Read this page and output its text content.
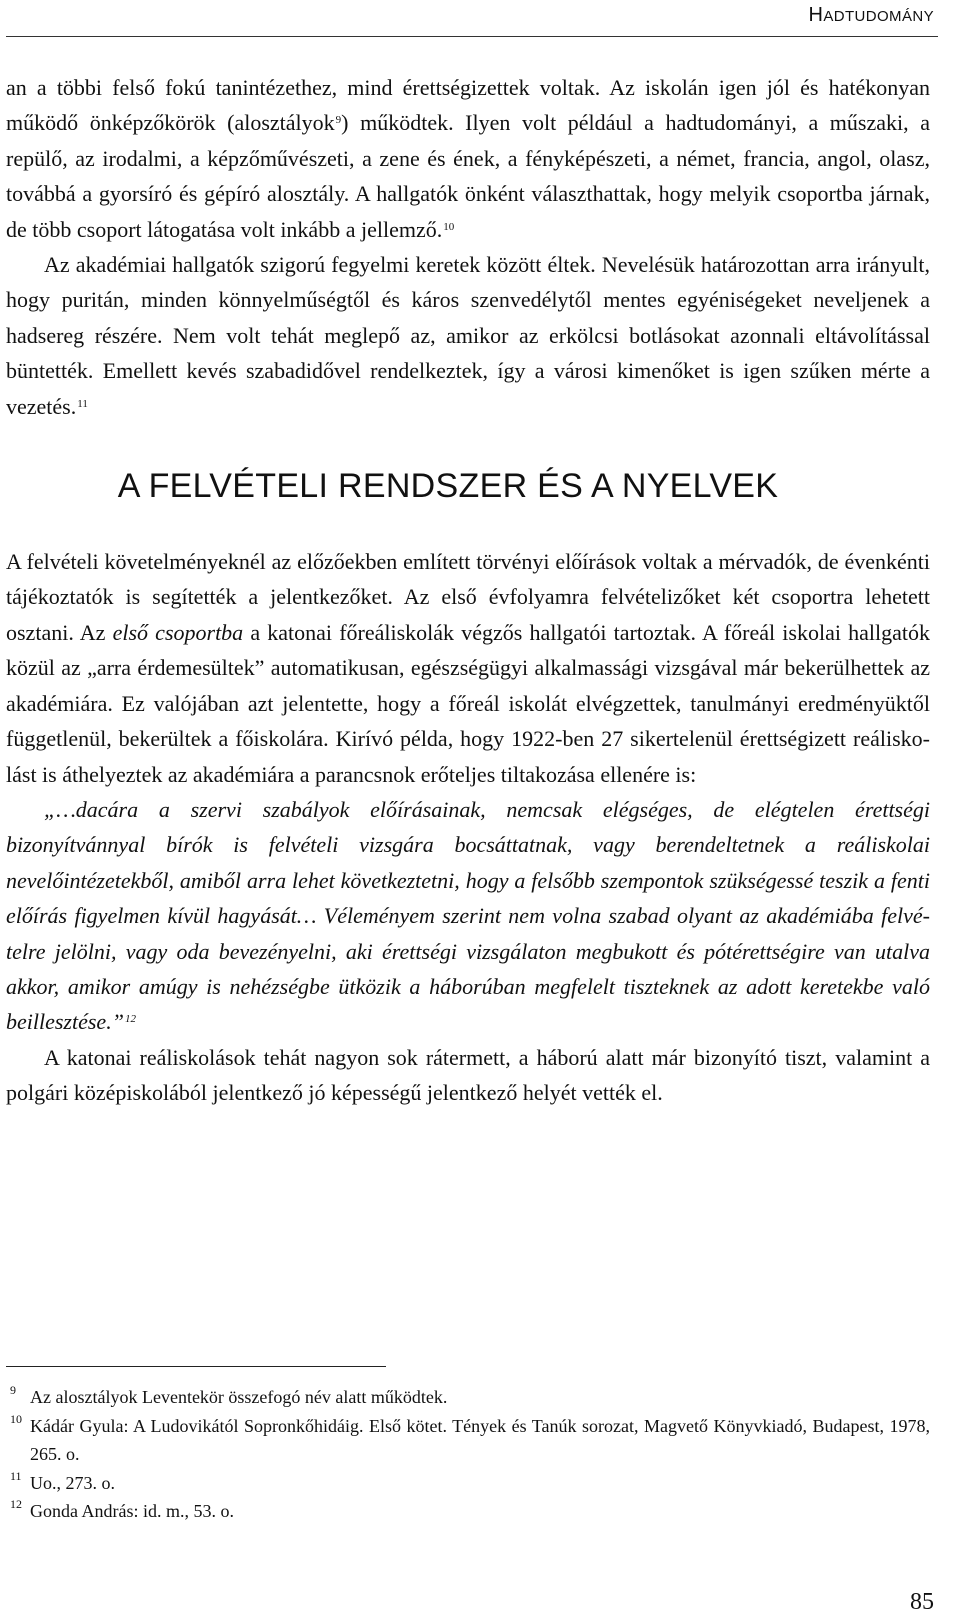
HADTUDOMÁNY

an a többi felső fokú tanintézethez, mind érettségizettek voltak. Az iskolán igen jól és hatékonyan működő önképzőkörök (alosztályok$^9$) működtek. Ilyen volt például a hadtudományi, a műszaki, a repülő, az irodalmi, a képzőművészeti, a zene és ének, a fényképészeti, a német, francia, angol, olasz, továbbá a gyorsíró és gépíró alosztály. A hallgatók önként választhattak, hogy melyik csoportba járnak, de több csoport látogatása volt inkább a jellemző.$^{10}$

Az akadémiai hallgatók szigorú fegyelmi keretek között éltek. Nevelésük határozottan arra irányult, hogy puritán, minden könnyelműségtől és káros szenvedélytől mentes egyéniségeket neveljenek a hadsereg részére. Nem volt tehát meglepő az, amikor az erkölcsi botlásokat azonnali eltávolítással büntették. Emellett kevés szabadidővel rendelkeztek, így a városi kimenőket is igen szűken mérte a vezetés.$^{11}$

A FELVÉTELI RENDSZER ÉS A NYELVEK

A felvételi követelményeknél az előzőekben említett törvényi előírások voltak a mérvadók, de évenkénti tájékoztatók is segítették a jelentkezőket. Az első évfolyamra felvételizőket két csoportra lehetett osztani. Az első csoportba a katonai főreáliskolák végzős hallgatói tartoztak. A főreál iskolai hallgatók közül az „arra érdemesültek” automatikusan, egészségügyi alkalmassági vizsgával már bekerülhettek az akadémiára. Ez valójában azt jelentette, hogy a főreál iskolát elvégzettek, tanulmányi eredményüktől függetlenül, bekerültek a főiskolára. Kirívó példa, hogy 1922-ben 27 sikertelenül érettségizett reáliskolást is áthelyeztek az akadémiára a parancsnok erőteljes tiltakozása ellenére is:

„…dacára a szervi szabályok előírásainak, nemcsak elégséges, de elégtelen érettségi bizonyítvánnyal bírók is felvételi vizsgára bocsáttatnak, vagy berendeltetnek a reáliskolai nevelőintézetekből, amiből arra lehet következtetni, hogy a felsőbb szempontok szükségessé teszik a fenti előírás figyelmen kívül hagyását… Véleményem szerint nem volna szabad olyant az akadémiába felvételre jelölni, vagy oda bevezényelni, aki érettségi vizsgálaton megbukott és pótérettségire van utalva akkor, amikor amúgy is nehézségbe ütközik a háborúban megfelelt tiszteknek az adott keretekbe való beillesztése.”$^{12}$

A katonai reáliskolások tehát nagyon sok rátermett, a háború alatt már bizonyító tiszt, valamint a polgári középiskolából jelentkező jó képességű jelentkező helyét vették el.

9 Az alosztályok Leventekör összefogó név alatt működtek.
10 Kádár Gyula: A Ludovikától Sopronkőhidáig. Első kötet. Tények és Tanúk sorozat, Magvető Könyvkiadó, Budapest, 1978, 265. o.
11 Uo., 273. o.
12 Gonda András: id. m., 53. o.
85
